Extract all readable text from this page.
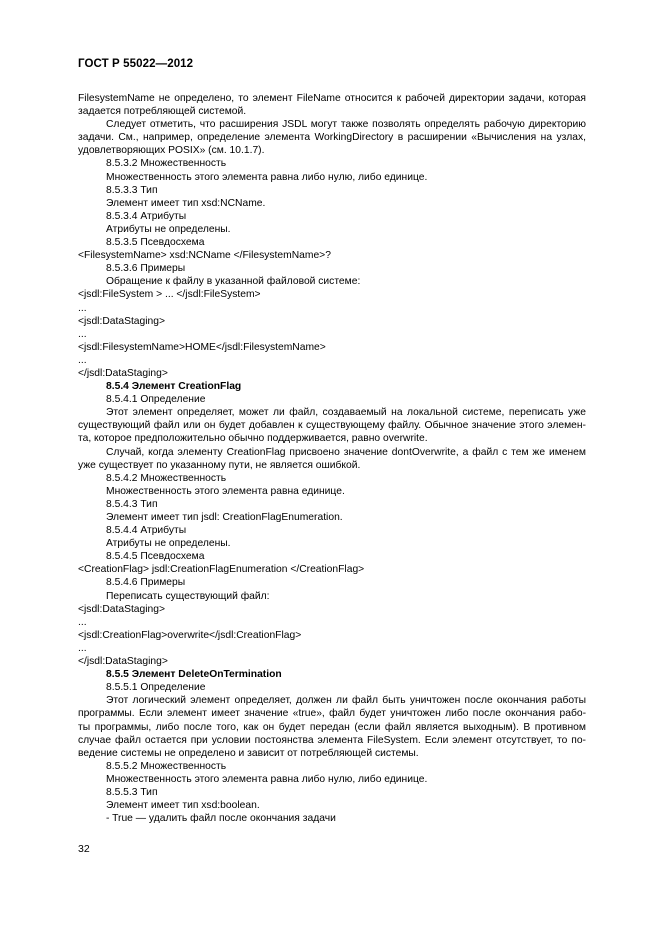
ГОСТ Р 55022—2012
FilesystemName не определено, то элемент FileName относится к рабочей директории задачи, которая
задается потребляющей системой.
Следует отметить, что расширения JSDL могут также позволять определять рабочую директорию
задачи. См., например, определение элемента WorkingDirectory в расширении «Вычисления на узлах,
удовлетворяющих POSIX» (см. 10.1.7).
8.5.3.2 Множественность
Множественность этого элемента равна либо нулю, либо единице.
8.5.3.3 Тип
Элемент имеет тип xsd:NCName.
8.5.3.4 Атрибуты
Атрибуты не определены.
8.5.3.5 Псевдосхема
<FilesystemName> xsd:NCName </FilesystemName>?
8.5.3.6 Примеры
Обращение к файлу в указанной файловой системе:
<jsdl:FileSystem > ... </jsdl:FileSystem>
...
<jsdl:DataStaging>
...
<jsdl:FilesystemName>HOME</jsdl:FilesystemName>
...
</jsdl:DataStaging>
8.5.4 Элемент CreationFlag
8.5.4.1 Определение
Этот элемент определяет, может ли файл, создаваемый на локальной системе, переписать уже
существующий файл или он будет добавлен к существующему файлу. Обычное значение этого элемен-
та, которое предположительно обычно поддерживается, равно overwrite.
Случай, когда элементу CreationFlag присвоено значение dontOverwrite, а файл с тем же именем
уже существует по указанному пути, не является ошибкой.
8.5.4.2 Множественность
Множественность этого элемента равна единице.
8.5.4.3 Тип
Элемент имеет тип jsdl: CreationFlagEnumeration.
8.5.4.4 Атрибуты
Атрибуты не определены.
8.5.4.5 Псевдосхема
<CreationFlag> jsdl:CreationFlagEnumeration </CreationFlag>
8.5.4.6 Примеры
Переписать существующий файл:
<jsdl:DataStaging>
...
<jsdl:CreationFlag>overwrite</jsdl:CreationFlag>
...
</jsdl:DataStaging>
8.5.5 Элемент DeleteOnTermination
8.5.5.1 Определение
Этот логический элемент определяет, должен ли файл быть уничтожен после окончания работы
программы. Если элемент имеет значение «true», файл будет уничтожен либо после окончания рабо-
ты программы, либо после того, как он будет передан (если файл является выходным). В противном
случае файл остается при условии постоянства элемента FileSystem. Если элемент отсутствует, то по-
ведение системы не определено и зависит от потребляющей системы.
8.5.5.2 Множественность
Множественность этого элемента равна либо нулю, либо единице.
8.5.5.3 Тип
Элемент имеет тип xsd:boolean.
- True — удалить файл после окончания задачи
32
